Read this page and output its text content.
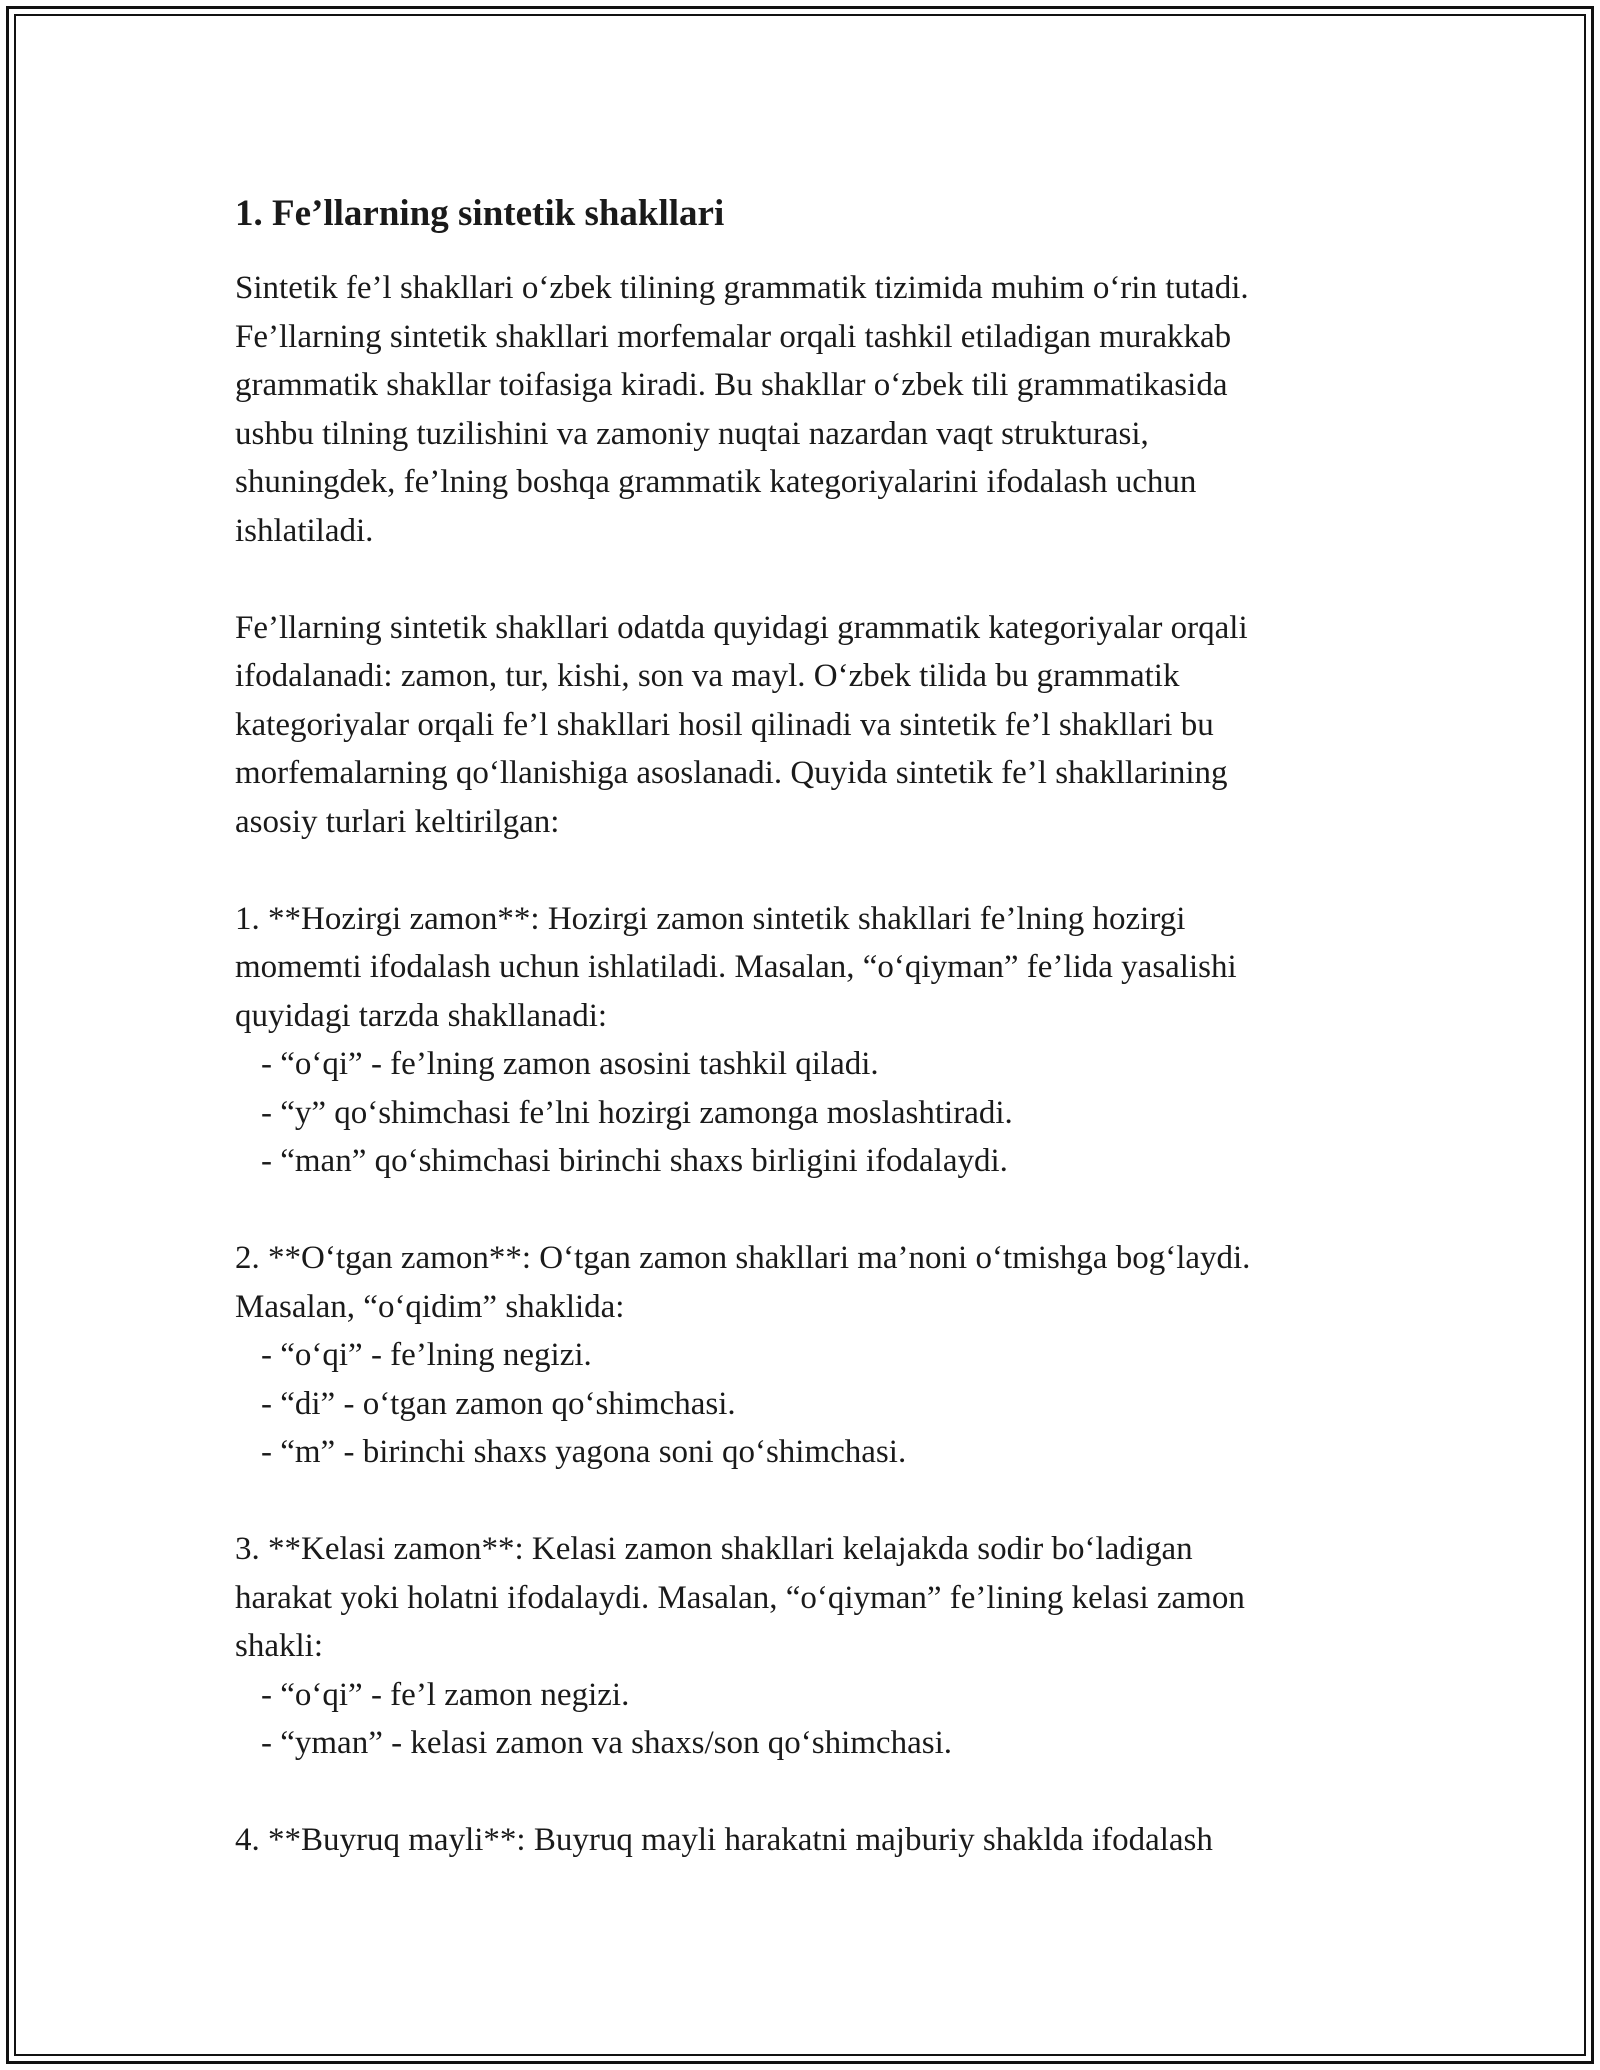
1. Fe’llarning sintetik shakllari
Sintetik fe’l shakllari o‘zbek tilining grammatik tizimida muhim o‘rin tutadi.
Fe’llarning sintetik shakllari morfemalar orqali tashkil etiladigan murakkab
grammatik shakllar toifasiga kiradi. Bu shakllar o‘zbek tili grammatikasida
ushbu tilning tuzilishini va zamoniy nuqtai nazardan vaqt strukturasi,
shuningdek, fe’lning boshqa grammatik kategoriyalarini ifodalash uchun
ishlatiladi.
Fe’llarning sintetik shakllari odatda quyidagi grammatik kategoriyalar orqali
ifodalanadi: zamon, tur, kishi, son va mayl. O‘zbek tilida bu grammatik
kategoriyalar orqali fe’l shakllari hosil qilinadi va sintetik fe’l shakllari bu
morfemalarning qo‘llanishiga asoslanadi. Quyida sintetik fe’l shakllarining
asosiy turlari keltirilgan:
1. **Hozirgi zamon**: Hozirgi zamon sintetik shakllari fe’lning hozirgi
momemti ifodalash uchun ishlatiladi. Masalan, “o‘qiyman” fe’lida yasalishi
quyidagi tarzda shakllanadi:
- “o‘qi” - fe’lning zamon asosini tashkil qiladi.
- “y” qo‘shimchasi fe’lni hozirgi zamonga moslashtiradi.
- “man” qo‘shimchasi birinchi shaxs birligini ifodalaydi.
2. **O‘tgan zamon**: O‘tgan zamon shakllari ma’noni o‘tmishga bog‘laydi.
Masalan, “o‘qidim” shaklida:
- “o‘qi” - fe’lning negizi.
- “di” - o‘tgan zamon qo‘shimchasi.
- “m” - birinchi shaxs yagona soni qo‘shimchasi.
3. **Kelasi zamon**: Kelasi zamon shakllari kelajakda sodir bo‘ladigan
harakat yoki holatni ifodalaydi. Masalan, “o‘qiyman” fe’lining kelasi zamon
shakli:
- “o‘qi” - fe’l zamon negizi.
- “yman” - kelasi zamon va shaxs/son qo‘shimchasi.
4. **Buyruq mayli**: Buyruq mayli harakatni majburiy shaklda ifodalash
